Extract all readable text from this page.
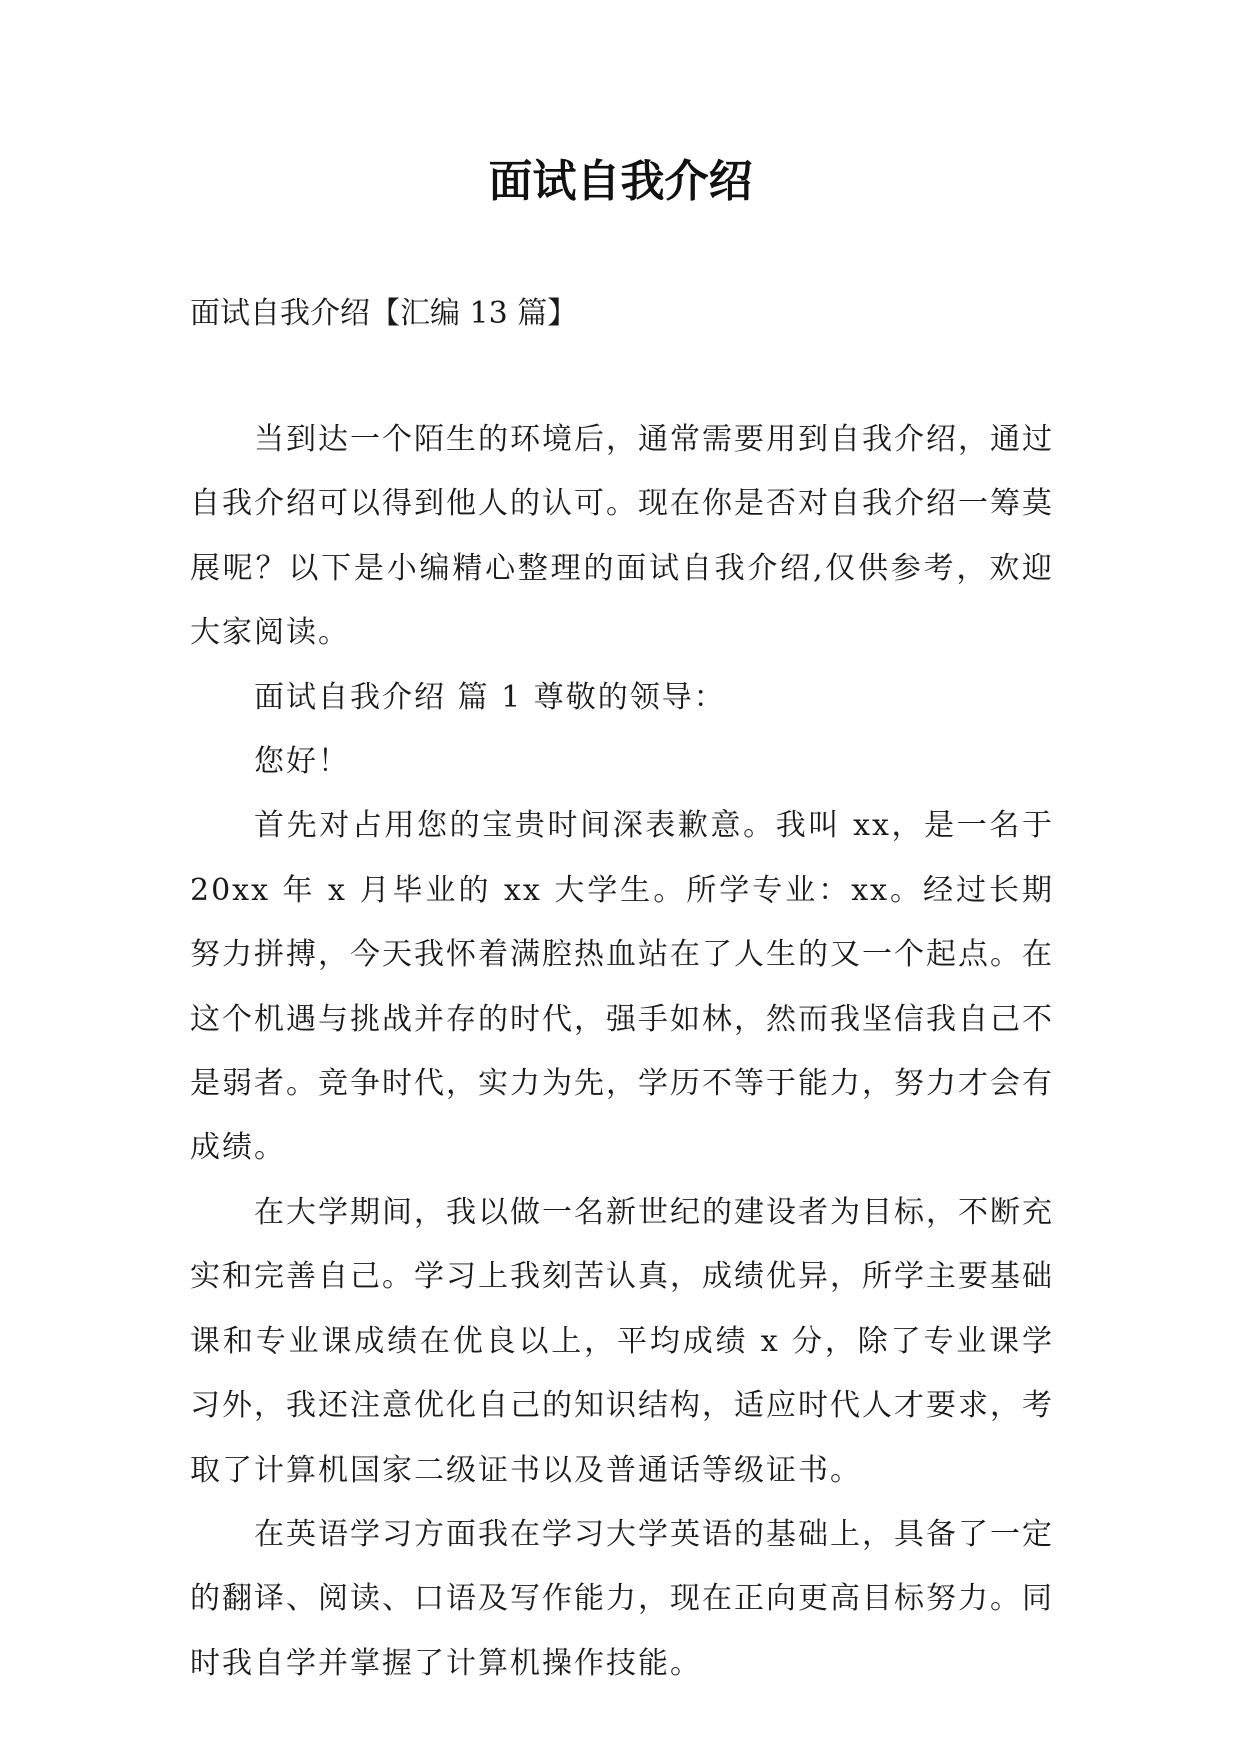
面试自我介绍
面试自我介绍【汇编 13 篇】

当到达一个陌生的环境后，通常需要用到自我介绍，通过自我介绍可以得到他人的认可。现在你是否对自我介绍一筹莫展呢？以下是小编精心整理的面试自我介绍,仅供参考，欢迎大家阅读。

面试自我介绍 篇 1 尊敬的领导：

您好！

首先对占用您的宝贵时间深表歉意。我叫 xx，是一名于 20xx 年 x 月毕业的 xx 大学生。所学专业：xx。经过长期努力拼搏，今天我怀着满腔热血站在了人生的又一个起点。在这个机遇与挑战并存的时代，强手如林，然而我坚信我自己不是弱者。竞争时代，实力为先，学历不等于能力，努力才会有成绩。

在大学期间，我以做一名新世纪的建设者为目标，不断充实和完善自己。学习上我刻苦认真，成绩优异，所学主要基础课和专业课成绩在优良以上，平均成绩 x 分，除了专业课学习外，我还注意优化自己的知识结构，适应时代人才要求，考取了计算机国家二级证书以及普通话等级证书。

在英语学习方面我在学习大学英语的基础上，具备了一定的翻译、阅读、口语及写作能力，现在正向更高目标努力。同时我自学并掌握了计算机操作技能。
